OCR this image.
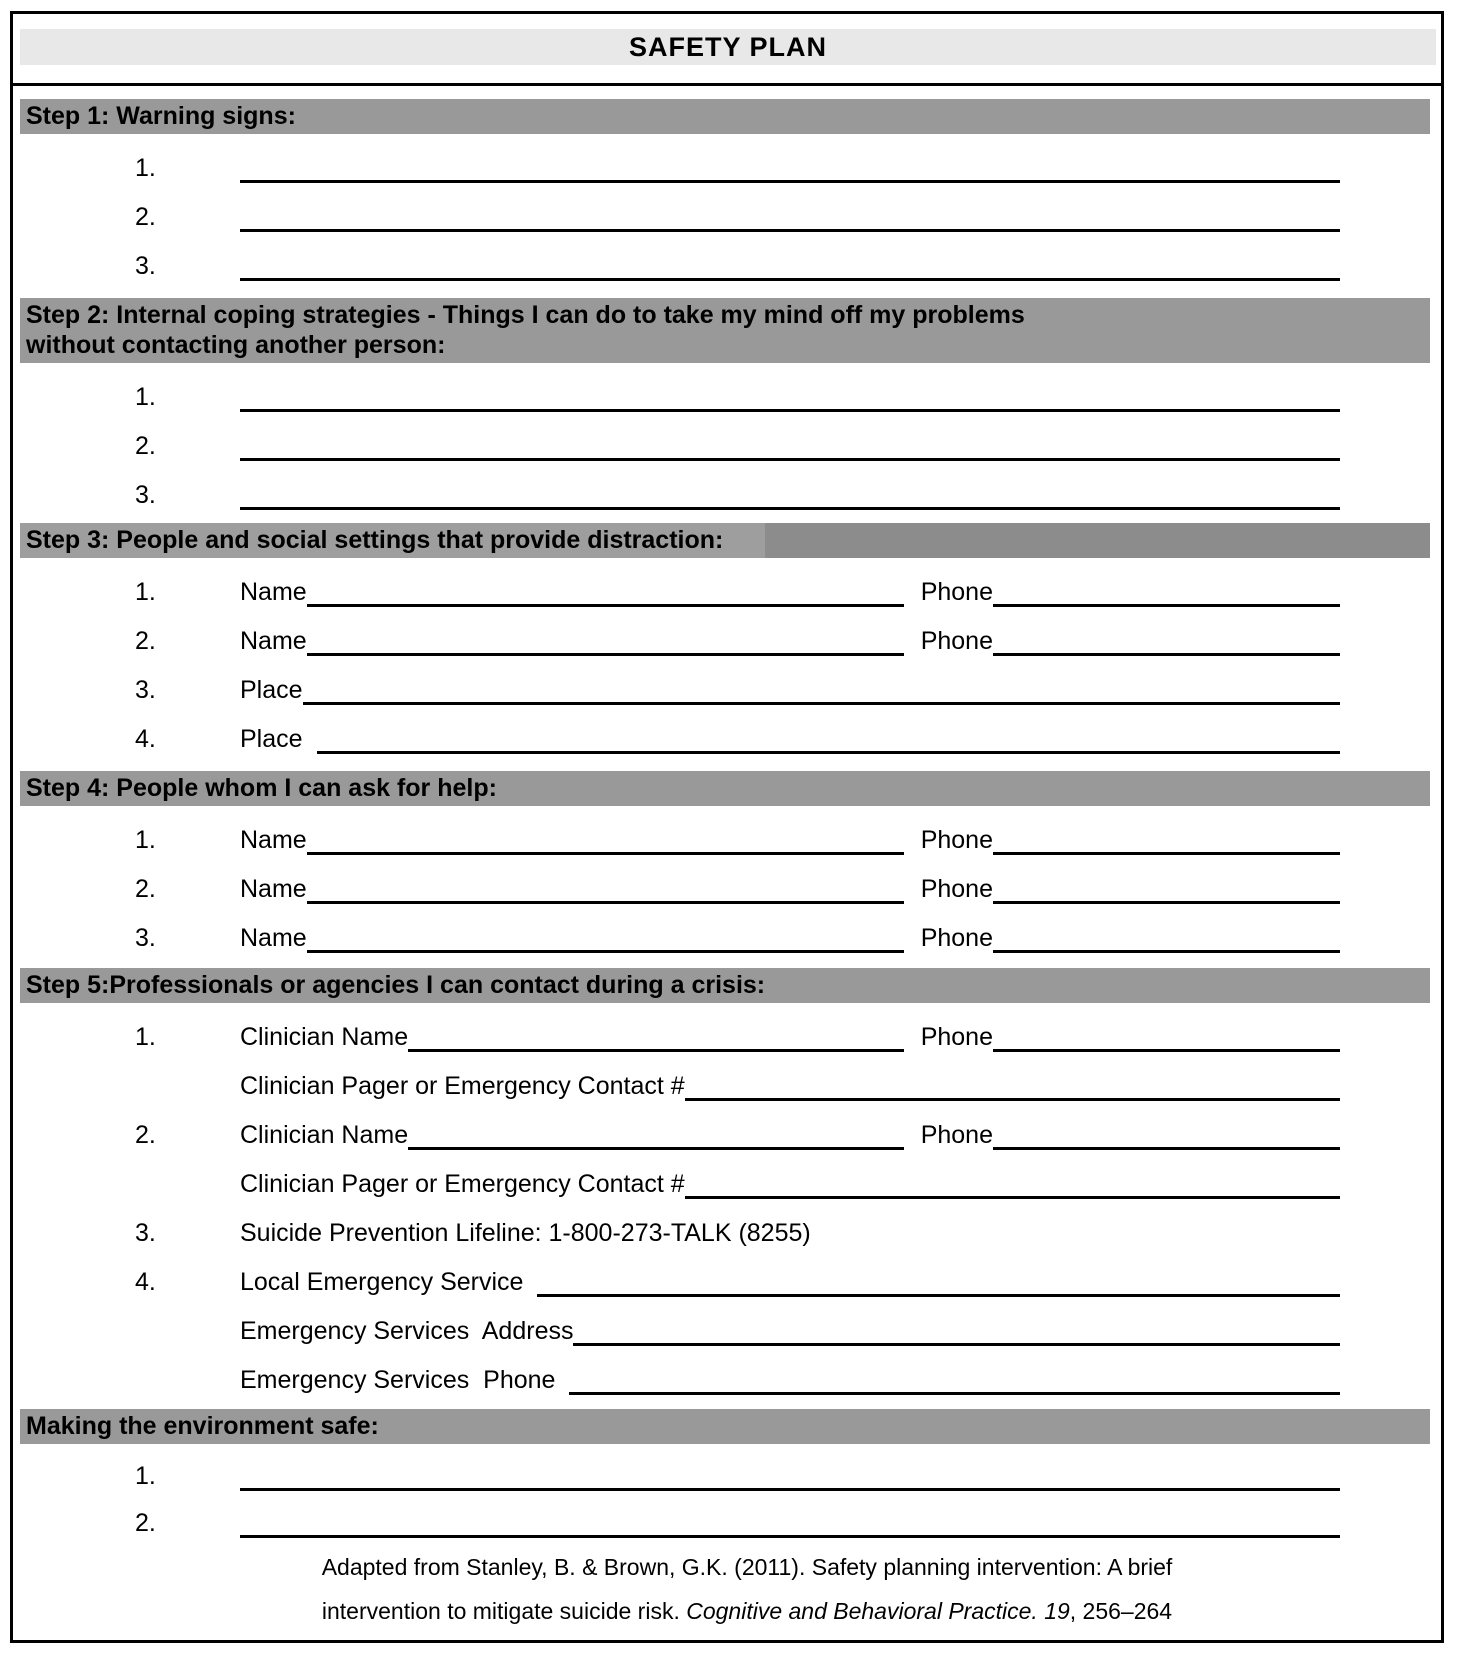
SAFETY PLAN
Step 1: Warning signs:
1.
2.
3.
Step 2: Internal coping strategies - Things I can do to take my mind off my problems
without contacting another person:
1.
2.
3.
Step 3: People and social settings that provide distraction:
1.	Name	Phone
2.	Name	Phone
3.	Place
4.	Place
Step 4: People whom I can ask for help:
1.	Name	Phone
2.	Name	Phone
3.	Name	Phone
Step 5:Professionals or agencies I can contact during a crisis:
1.	Clinician Name	Phone
Clinician Pager or Emergency Contact #
2.	Clinician Name	Phone
Clinician Pager or Emergency Contact #
3.	Suicide Prevention Lifeline: 1-800-273-TALK (8255)
4.	Local Emergency Service
Emergency Services  Address
Emergency Services  Phone
Making the environment safe:
1.
2.
Adapted from Stanley, B. & Brown, G.K. (2011). Safety planning intervention: A brief
intervention to mitigate suicide risk. Cognitive and Behavioral Practice. 19, 256–264
